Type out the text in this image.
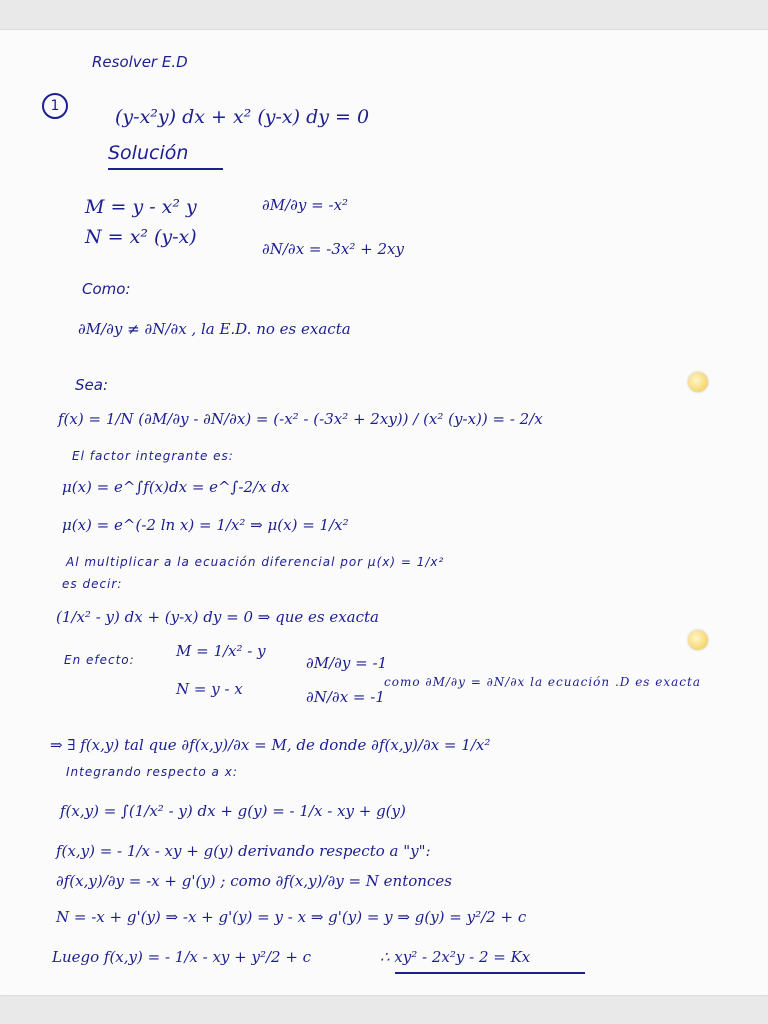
Resolver E.D
1	(y-x²y) dx + x² (y-x) dy = 0
Solución
M = y - x² y
N = x² (y-x)
∂M/∂y = -x²
∂N/∂x = -3x² + 2xy
Como:
∂M/∂y ≠ ∂N/∂x , la E.D. no es exacta
Sea:
f(x) = 1/N (∂M/∂y - ∂N/∂x) = (-x² - (-3x² + 2xy)) / (x² (y-x)) = - 2/x
El factor integrante es:
μ(x) = e^∫f(x)dx = e^∫-2/x dx
μ(x) = e^(-2 ln x) = 1/x² ⇒ μ(x) = 1/x²
Al multiplicar a la ecuación diferencial por μ(x) = 1/x²
es decir:
(1/x² - y) dx + (y-x) dy = 0 ⇒ que es exacta
En efecto:	M = 1/x² - y
N = y - x
∂M/∂y = -1
∂N/∂x = -1
como ∂M/∂y = ∂N/∂x la ecuación .D es exacta
⇒ ∃ f(x,y) tal que ∂f(x,y)/∂x = M, de donde ∂f(x,y)/∂x = 1/x²
Integrando respecto a x:
f(x,y) = ∫(1/x² - y) dx + g(y) = - 1/x - xy + g(y)
f(x,y) = - 1/x - xy + g(y) derivando respecto a "y":
∂f(x,y)/∂y = -x + g'(y) ; como ∂f(x,y)/∂y = N entonces
N = -x + g'(y) ⇒ -x + g'(y) = y - x ⇒ g'(y) = y ⇒ g(y) = y²/2 + c
Luego f(x,y) = - 1/x - xy + y²/2 + c	∴ xy² - 2x²y - 2 = Kx
